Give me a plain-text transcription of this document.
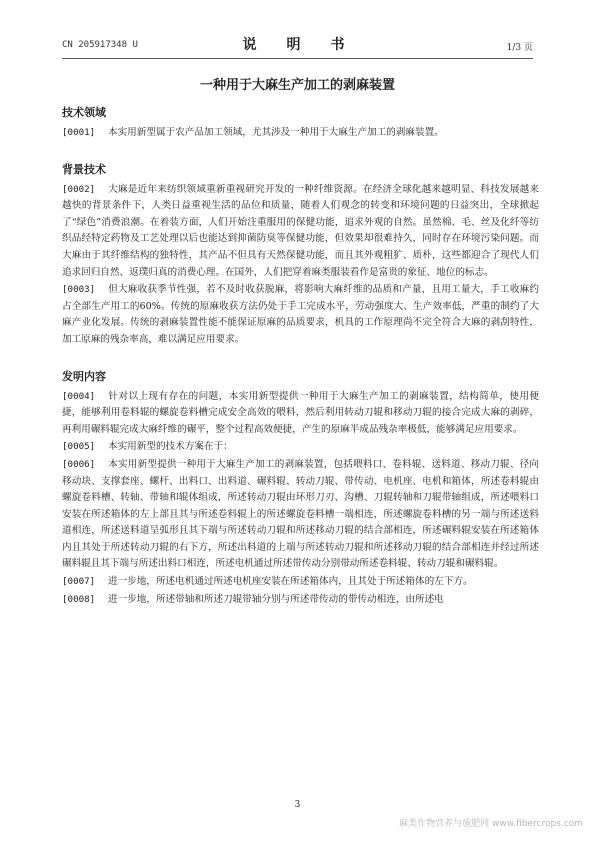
CN 205917348 U	说　明　书	1/3 页
一种用于大麻生产加工的剥麻装置
技术领域

[0001] 本实用新型属于农产品加工领域，尤其涉及一种用于大麻生产加工的剥麻装置。

背景技术

[0002] 大麻是近年来纺织领域重新重视研究开发的一种纤维资源。在经济全球化越来越明显、科技发展越来越快的背景条件下，人类日益重视生活的品位和质量，随着人们观念的转变和环境问题的日益突出，全球掀起了“绿色”消费浪潮。在着装方面，人们开始注重服用的保健功能，追求外观的自然。虽然棉、毛、丝及化纤等纺织品经特定药物及工艺处理以后也能达到抑菌防臭等保健功能，但效果却很难持久，同时存在环境污染问题。而大麻由于其纤维结构的独特性，其产品不但具有天然保健功能，而且其外观粗犷、质朴，这些都迎合了现代人们追求回归自然、返璞归真的消费心理。在国外，人们把穿着麻类服装看作是富贵的象征、地位的标志。

[0003] 但大麻收获季节性强，若不及时收获脱麻，将影响大麻纤维的品质和产量，且用工量大，手工收麻约占全部生产用工的60%。传统的原麻收获方法仍处于手工完成水平，劳动强度大、生产效率低，严重的制约了大麻产业化发展。传统的剥麻装置性能不能保证原麻的品质要求，机具的工作原理尚不完全符合大麻的剥刮特性，加工原麻的残杂率高，难以满足应用要求。

发明内容

[0004] 针对以上现有存在的问题，本实用新型提供一种用于大麻生产加工的剥麻装置，结构简单，使用便捷，能够利用卷料辊的螺旋卷料槽完成安全高效的喂料，然后利用转动刀辊和移动刀辊的接合完成大麻的剥碎，再利用碾料辊完成大麻纤维的碾平，整个过程高效便捷，产生的原麻半成品残杂率极低，能够满足应用要求。

[0005] 本实用新型的技术方案在于：

[0006] 本实用新型提供一种用于大麻生产加工的剥麻装置，包括喂料口、卷料辊、送料道、移动刀辊、径向移动块、支撑套座、螺杆、出料口、出料道、碾料辊、转动刀辊、带传动、电机座、电机和箱体，所述卷料辊由螺旋卷料槽、转轴、带轴和辊体组成，所述转动刀辊由环形刀刃、沟槽、刀辊转轴和刀辊带轴组成，所述喂料口安装在所述箱体的左上部且其与所述卷料辊上的所述螺旋卷料槽一端相连，所述螺旋卷料槽的另一端与所述送料道相连，所述送料道呈弧形且其下端与所述转动刀辊和所述移动刀辊的结合部相连，所述碾料辊安装在所述箱体内且其处于所述转动刀辊的右下方，所述出料道的上端与所述转动刀辊和所述移动刀辊的结合部相连并经过所述碾料辊且其下端与所述出料口相连，所述电机通过所述带传动分别带动所述卷料辊、转动刀辊和碾料辊。

[0007] 进一步地，所述电机通过所述电机座安装在所述箱体内，且其处于所述箱体的左下方。

[0008] 进一步地，所述带轴和所述刀辊带轴分别与所述带传动的带传动相连，由所述电

3
麻类作物营养与施肥网 www.fibercrops.com
